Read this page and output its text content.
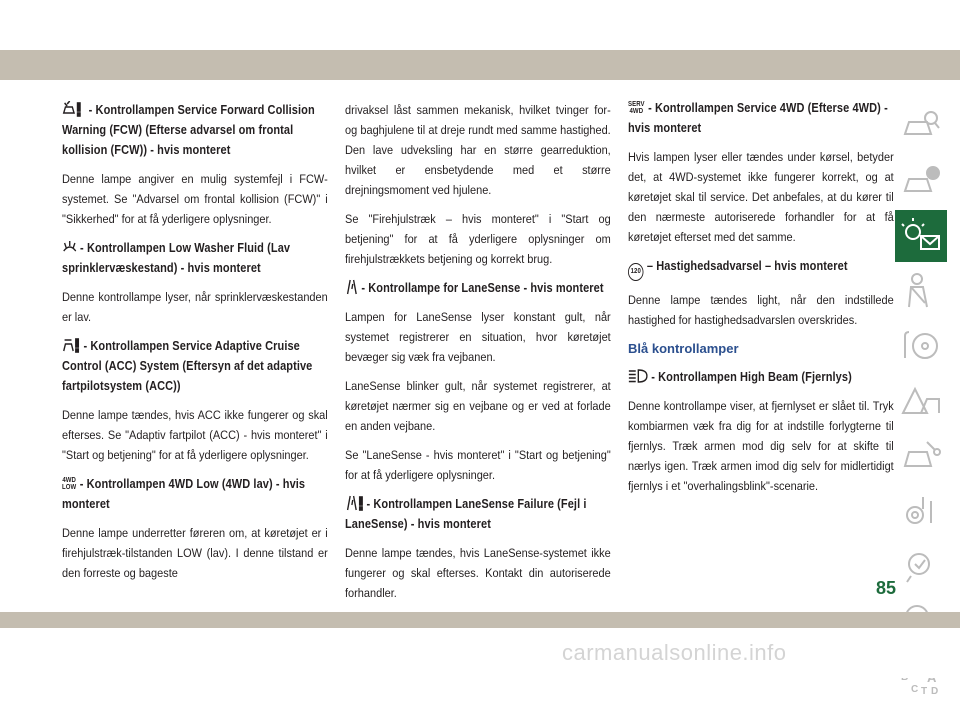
- Kontrollampen Service Forward Collision Warning (FCW) (Efterse advarsel om frontal kollision (FCW)) - hvis monteret

Denne lampe angiver en mulig systemfejl i FCW-systemet. Se "Advarsel om frontal kollision (FCW)" i "Sikkerhed" for at få yderligere oplysninger.

- Kontrollampen Low Washer Fluid (Lav sprinklervæskestand) - hvis monteret

Denne kontrollampe lyser, når sprinklervæskestanden er lav.

- Kontrollampen Service Adaptive Cruise Control (ACC) System (Eftersyn af det adaptive fartpilotsystem (ACC))

Denne lampe tændes, hvis ACC ikke fungerer og skal efterses. Se "Adaptiv fartpilot (ACC) - hvis monteret" i "Start og betjening" for at få yderligere oplysninger.

4WD
LOW - Kontrollampen 4WD Low (4WD lav) - hvis monteret

Denne lampe underretter føreren om, at køretøjet er i firehjulstræk-tilstanden LOW (lav). I denne tilstand er den forreste og bageste

drivaksel låst sammen mekanisk, hvilket tvinger for- og baghjulene til at dreje rundt med samme hastighed. Den lave udveksling har en større gearreduktion, hvilket er ensbetydende med et større drejningsmoment ved hjulene.

Se "Firehjulstræk – hvis monteret" i "Start og betjening" for at få yderligere oplysninger om firehjulstrækkets betjening og korrekt brug.

- Kontrollampe for LaneSense - hvis monteret

Lampen for LaneSense lyser konstant gult, når systemet registrerer en situation, hvor køretøjet bevæger sig væk fra vejbanen.

LaneSense blinker gult, når systemet registrerer, at køretøjet nærmer sig en vejbane og er ved at forlade en anden vejbane.

Se "LaneSense - hvis monteret" i "Start og betjening" for at få yderligere oplysninger.

- Kontrollampen LaneSense Failure (Fejl i LaneSense) - hvis monteret

Denne lampe tændes, hvis LaneSense-systemet ikke fungerer og skal efterses. Kontakt din autoriserede forhandler.

SERV
4WD - Kontrollampen Service 4WD (Efterse 4WD) - hvis monteret

Hvis lampen lyser eller tændes under kørsel, betyder det, at 4WD-systemet ikke fungerer korrekt, og at køretøjet skal til service. Det anbefales, at du kører til den nærmeste autoriserede forhandler for at få køretøjet efterset med det samme.

120 – Hastighedsadvarsel – hvis monteret

Denne lampe tændes light, når den indstillede hastighed for hastighedsadvarslen overskrides.

Blå kontrollamper
- Kontrollampen High Beam (Fjernlys)

Denne kontrollampe viser, at fjernlyset er slået til. Tryk kombiarmen væk fra dig for at indstille forlygterne til fjernlys. Træk armen mod dig selv for at skifte til nærlys igen. Træk armen imod dig selv for midlertidigt fjernlys i et "overhalingsblink"-scenarie.

C D
T
85
carmanualsonline.info
